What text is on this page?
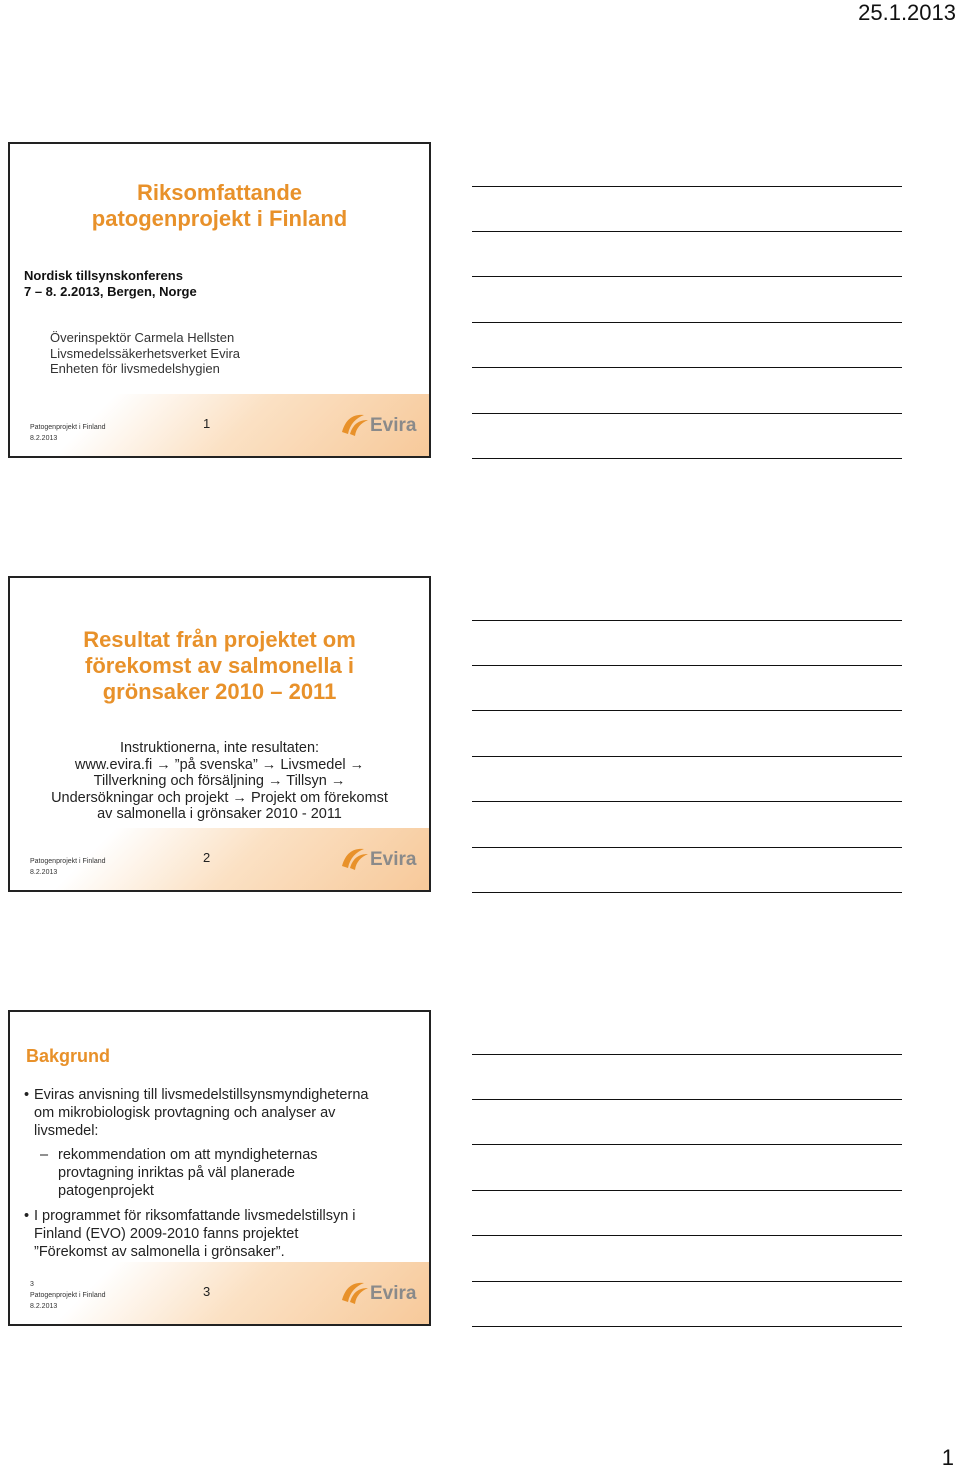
25.1.2013
Riksomfattande
patogenprojekt i Finland
Nordisk tillsynskonferens
7 – 8. 2.2013, Bergen, Norge
Överinspektör Carmela Hellsten
Livsmedelssäkerhetsverket Evira
Enheten för livsmedelshygien
Patogenprojekt i Finland
8.2.2013
1	Evira
Resultat från projektet om
förekomst av salmonella i
grönsaker 2010 – 2011
Instruktionerna, inte resultaten:
www.evira.fi → ”på svenska” → Livsmedel →
Tillverkning och försäljning → Tillsyn →
Undersökningar och projekt → Projekt om förekomst
av salmonella i grönsaker 2010 - 2011
Patogenprojekt i Finland
8.2.2013
2	Evira
Bakgrund
• Eviras anvisning till livsmedelstillsynsmyndigheterna
om mikrobiologisk provtagning och analyser av
livsmedel:
– rekommendation om att myndigheternas
provtagning inriktas på väl planerade
patogenprojekt
• I programmet för riksomfattande livsmedelstillsyn i
Finland (EVO) 2009-2010 fanns projektet
”Förekomst av salmonella i grönsaker”.
3
Patogenprojekt i Finland
8.2.2013
3	Evira
1
